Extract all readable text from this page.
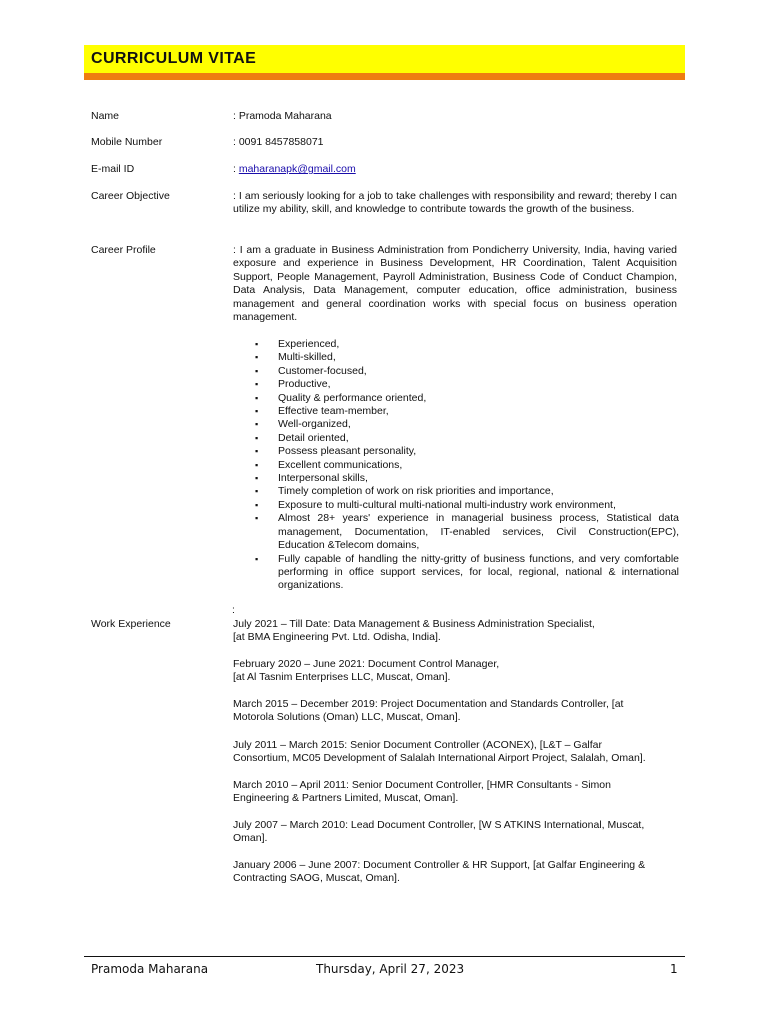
CURRICULUM VITAE
Name	: Pramoda Maharana
Mobile Number	: 0091 8457858071
E-mail ID	: maharanapk@gmail.com
Career Objective	: I am seriously looking for a job to take challenges with responsibility and reward; thereby I can utilize my ability, skill, and knowledge to contribute towards the growth of the business.
Career Profile	: I am a graduate in Business Administration from Pondicherry University, India, having varied exposure and experience in Business Development, HR Coordination, Talent Acquisition Support, People Management, Payroll Administration, Business Code of Conduct Champion, Data Analysis, Data Management, computer education, office administration, business management and general coordination works with special focus on business operation management.
▪ Experienced,
▪ Multi-skilled,
▪ Customer-focused,
▪ Productive,
▪ Quality & performance oriented,
▪ Effective team-member,
▪ Well-organized,
▪ Detail oriented,
▪ Possess pleasant personality,
▪ Excellent communications,
▪ Interpersonal skills,
▪ Timely completion of work on risk priorities and importance,
▪ Exposure to multi-cultural multi-national multi-industry work environment,
▪ Almost 28+ years' experience in managerial business process, Statistical data management, Documentation, IT-enabled services, Civil Construction(EPC), Education &Telecom domains,
▪ Fully capable of handling the nitty-gritty of business functions, and very comfortable performing in office support services, for local, regional, national & international organizations.
:
Work Experience	July 2021 – Till Date: Data Management & Business Administration Specialist,
[at BMA Engineering Pvt. Ltd. Odisha, India].
February 2020 – June 2021: Document Control Manager,
[at Al Tasnim Enterprises LLC, Muscat, Oman].
March 2015 – December 2019: Project Documentation and Standards Controller, [at
Motorola Solutions (Oman) LLC, Muscat, Oman].
July 2011 – March 2015: Senior Document Controller (ACONEX), [L&T – Galfar
Consortium, MC05 Development of Salalah International Airport Project, Salalah, Oman].
March 2010 – April 2011: Senior Document Controller, [HMR Consultants - Simon
Engineering & Partners Limited, Muscat, Oman].
July 2007 – March 2010: Lead Document Controller, [W S ATKINS International, Muscat,
Oman].
January 2006 – June 2007: Document Controller & HR Support, [at Galfar Engineering &
Contracting SAOG, Muscat, Oman].
Pramoda Maharana	Thursday, April 27, 2023	1
